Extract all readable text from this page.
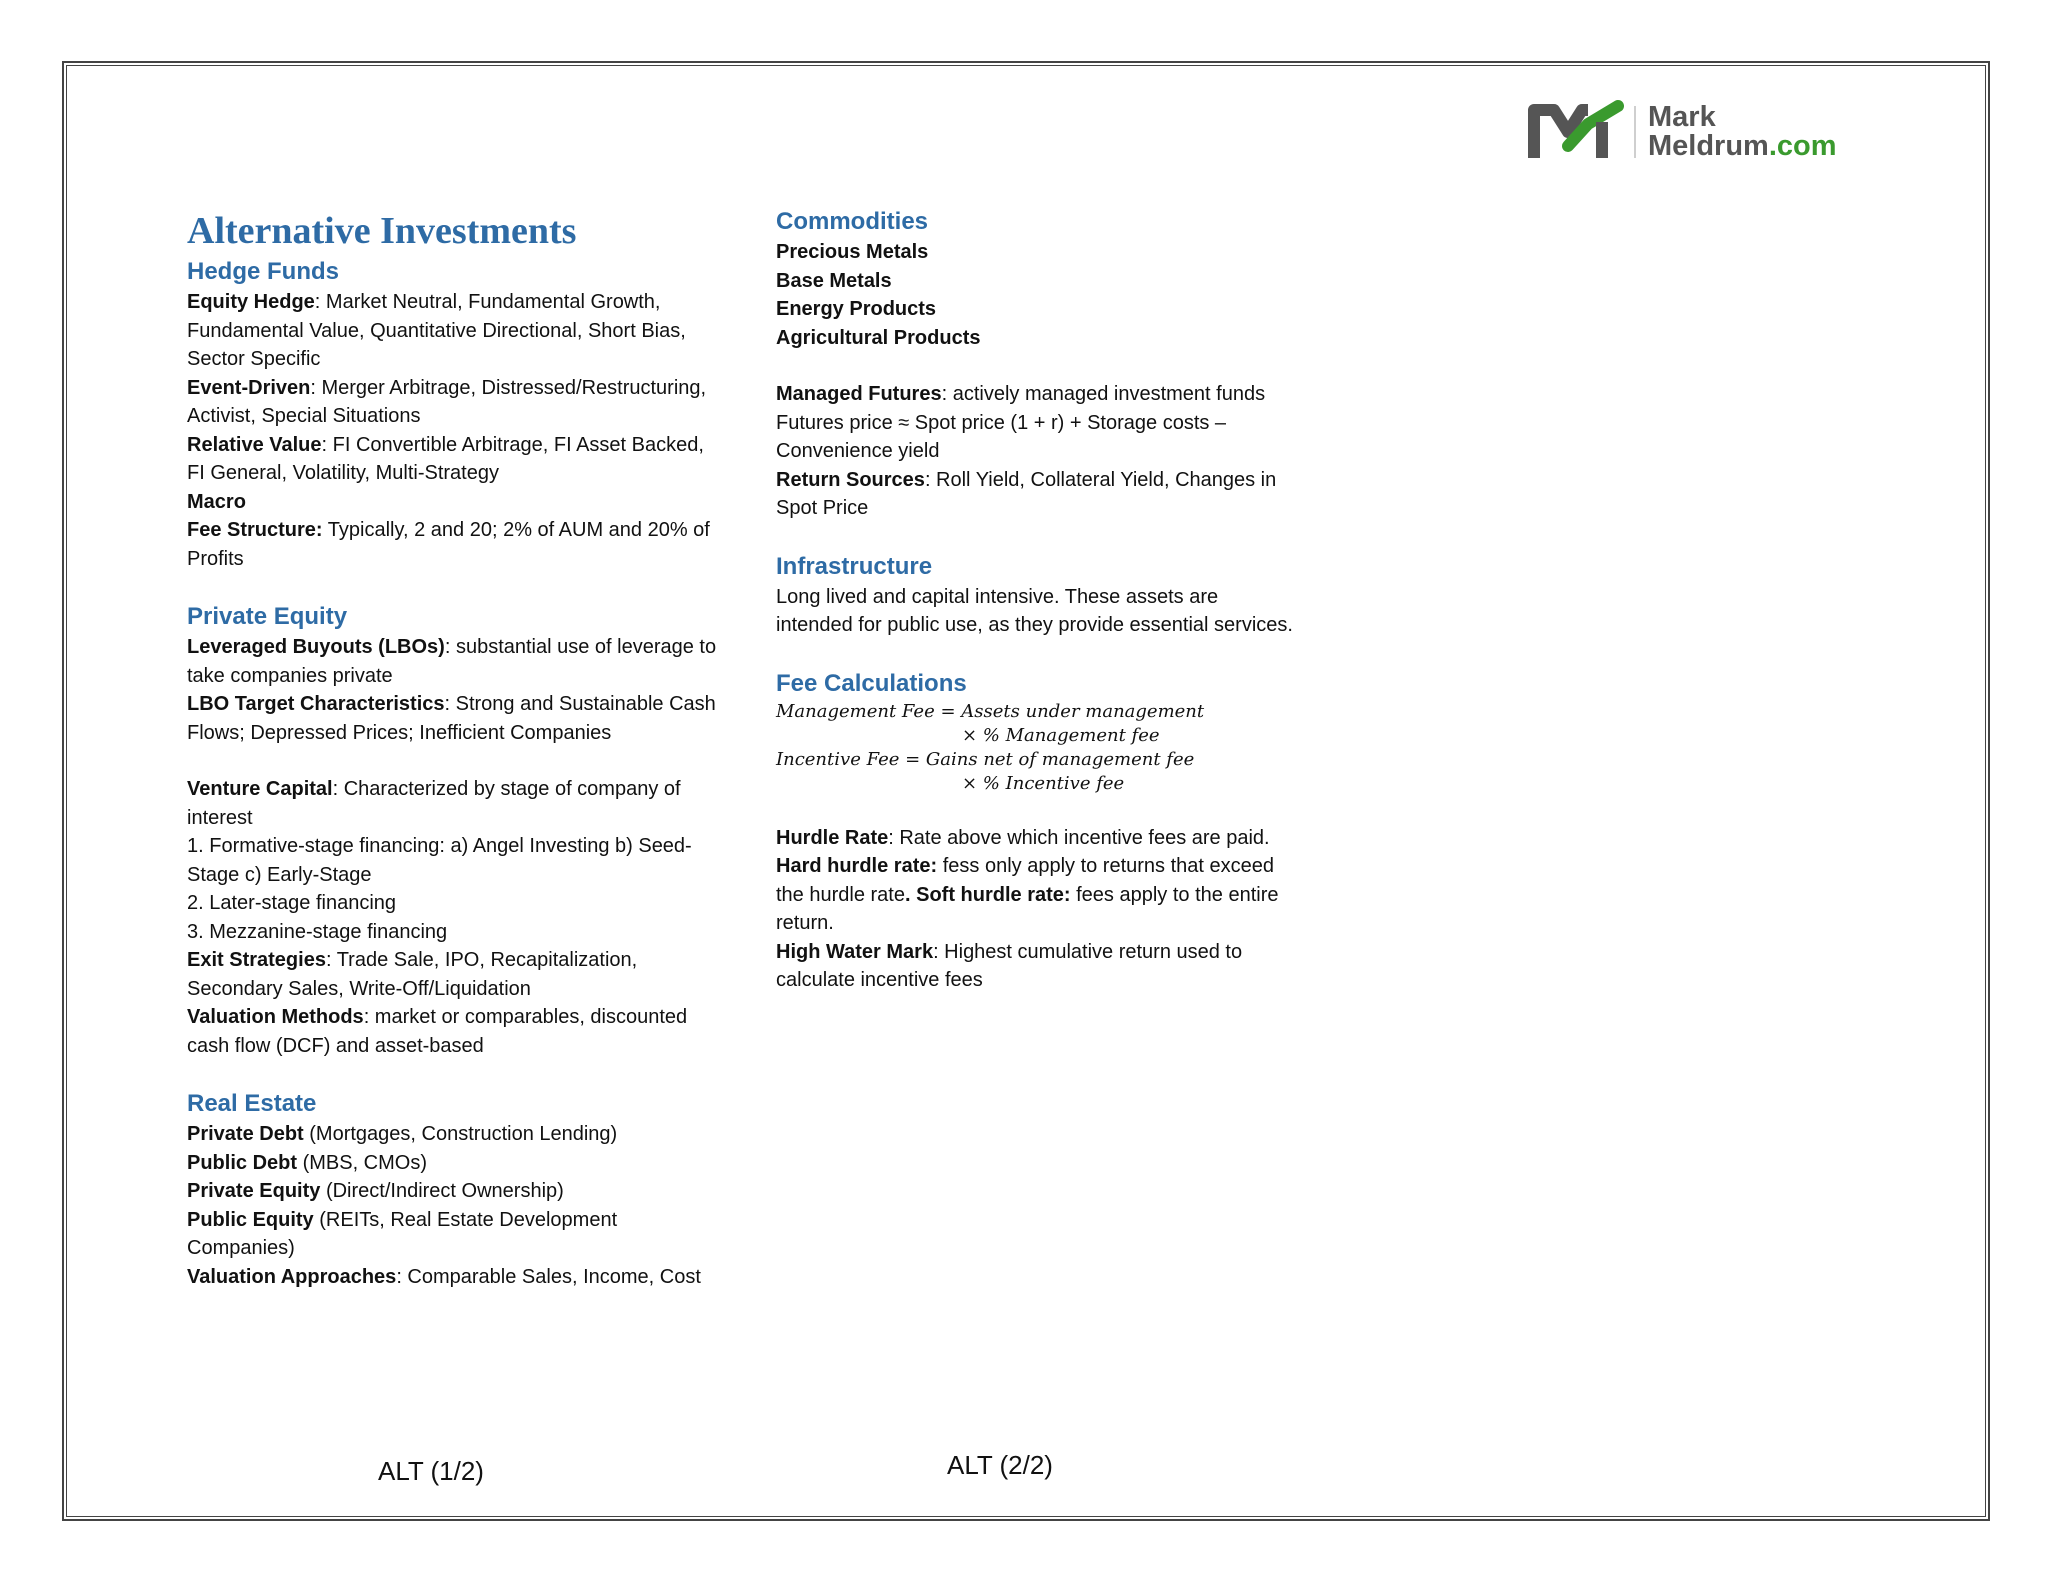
Mark
Meldrum.com
Alternative Investments
Hedge Funds

Equity Hedge: Market Neutral, Fundamental Growth, Fundamental Value, Quantitative Directional, Short Bias, Sector Specific

Event-Driven: Merger Arbitrage, Distressed/Restructuring, Activist, Special Situations

Relative Value: FI Convertible Arbitrage, FI Asset Backed, FI General, Volatility, Multi-Strategy

Macro

Fee Structure: Typically, 2 and 20; 2% of AUM and 20% of Profits

Private Equity

Leveraged Buyouts (LBOs): substantial use of leverage to take companies private

LBO Target Characteristics: Strong and Sustainable Cash Flows; Depressed Prices; Inefficient Companies

Venture Capital: Characterized by stage of company of interest

1. Formative-stage financing: a) Angel Investing b) Seed-Stage c) Early-Stage

2. Later-stage financing

3. Mezzanine-stage financing

Exit Strategies: Trade Sale, IPO, Recapitalization, Secondary Sales, Write-Off/Liquidation

Valuation Methods: market or comparables, discounted cash flow (DCF) and asset-based

Real Estate

Private Debt (Mortgages, Construction Lending)

Public Debt (MBS, CMOs)

Private Equity (Direct/Indirect Ownership)

Public Equity (REITs, Real Estate Development Companies)

Valuation Approaches: Comparable Sales, Income, Cost

Commodities

Precious Metals

Base Metals

Energy Products

Agricultural Products

Managed Futures: actively managed investment funds

Futures price ≈ Spot price (1 + r) + Storage costs – Convenience yield

Return Sources: Roll Yield, Collateral Yield, Changes in Spot Price

Infrastructure

Long lived and capital intensive. These assets are intended for public use, as they provide essential services.

Fee Calculations

Management Fee = Assets under management

× % Management fee

Incentive Fee = Gains net of management fee

× % Incentive fee

Hurdle Rate: Rate above which incentive fees are paid. Hard hurdle rate: fess only apply to returns that exceed the hurdle rate. Soft hurdle rate: fees apply to the entire return.

High Water Mark: Highest cumulative return used to calculate incentive fees

ALT (1/2)	ALT (2/2)
